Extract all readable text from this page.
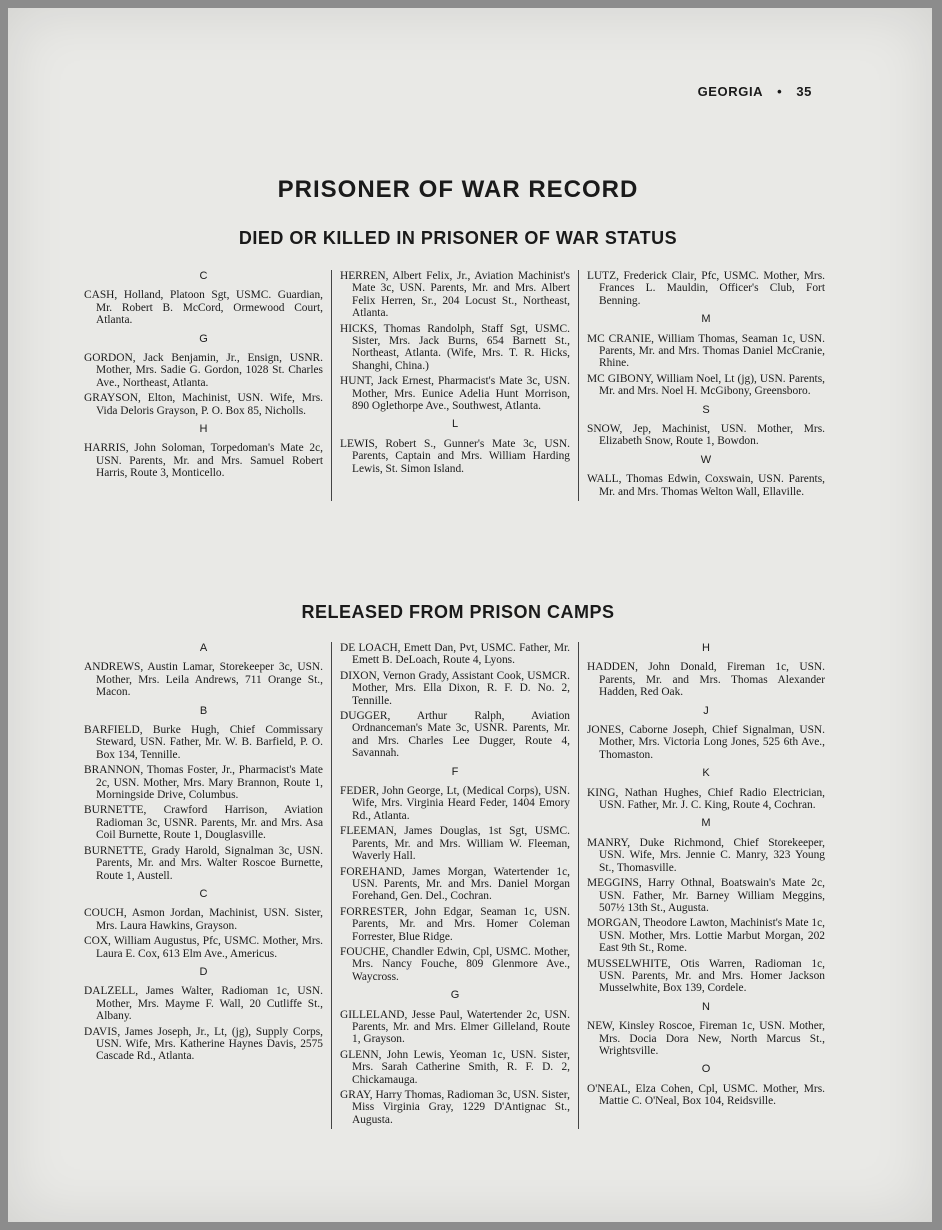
GEORGIA • 35
PRISONER OF WAR RECORD
DIED OR KILLED IN PRISONER OF WAR STATUS
C

CASH, Holland, Platoon Sgt, USMC. Guardian, Mr. Robert B. McCord, Ormewood Court, Atlanta.

G

GORDON, Jack Benjamin, Jr., Ensign, USNR. Mother, Mrs. Sadie G. Gordon, 1028 St. Charles Ave., Northeast, Atlanta.

GRAYSON, Elton, Machinist, USN. Wife, Mrs. Vida Deloris Grayson, P. O. Box 85, Nicholls.

H

HARRIS, John Soloman, Torpedoman's Mate 2c, USN. Parents, Mr. and Mrs. Samuel Robert Harris, Route 3, Monticello.

HERREN, Albert Felix, Jr., Aviation Machinist's Mate 3c, USN. Parents, Mr. and Mrs. Albert Felix Herren, Sr., 204 Locust St., Northeast, Atlanta.

HICKS, Thomas Randolph, Staff Sgt, USMC. Sister, Mrs. Jack Burns, 654 Barnett St., Northeast, Atlanta. (Wife, Mrs. T. R. Hicks, Shanghi, China.)

HUNT, Jack Ernest, Pharmacist's Mate 3c, USN. Mother, Mrs. Eunice Adelia Hunt Morrison, 890 Oglethorpe Ave., Southwest, Atlanta.

L

LEWIS, Robert S., Gunner's Mate 3c, USN. Parents, Captain and Mrs. William Harding Lewis, St. Simon Island.

LUTZ, Frederick Clair, Pfc, USMC. Mother, Mrs. Frances L. Mauldin, Officer's Club, Fort Benning.

M

MC CRANIE, William Thomas, Seaman 1c, USN. Parents, Mr. and Mrs. Thomas Daniel McCranie, Rhine.

MC GIBONY, William Noel, Lt (jg), USN. Parents, Mr. and Mrs. Noel H. McGibony, Greensboro.

S

SNOW, Jep, Machinist, USN. Mother, Mrs. Elizabeth Snow, Route 1, Bowdon.

W

WALL, Thomas Edwin, Coxswain, USN. Parents, Mr. and Mrs. Thomas Welton Wall, Ellaville.

RELEASED FROM PRISON CAMPS
A

ANDREWS, Austin Lamar, Storekeeper 3c, USN. Mother, Mrs. Leila Andrews, 711 Orange St., Macon.

B

BARFIELD, Burke Hugh, Chief Commissary Steward, USN. Father, Mr. W. B. Barfield, P. O. Box 134, Tennille.

BRANNON, Thomas Foster, Jr., Pharmacist's Mate 2c, USN. Mother, Mrs. Mary Brannon, Route 1, Morningside Drive, Columbus.

BURNETTE, Crawford Harrison, Aviation Radioman 3c, USNR. Parents, Mr. and Mrs. Asa Coil Burnette, Route 1, Douglasville.

BURNETTE, Grady Harold, Signalman 3c, USN. Parents, Mr. and Mrs. Walter Roscoe Burnette, Route 1, Austell.

C

COUCH, Asmon Jordan, Machinist, USN. Sister, Mrs. Laura Hawkins, Grayson.

COX, William Augustus, Pfc, USMC. Mother, Mrs. Laura E. Cox, 613 Elm Ave., Americus.

D

DALZELL, James Walter, Radioman 1c, USN. Mother, Mrs. Mayme F. Wall, 20 Cutliffe St., Albany.

DAVIS, James Joseph, Jr., Lt, (jg), Supply Corps, USN. Wife, Mrs. Katherine Haynes Davis, 2575 Cascade Rd., Atlanta.

DE LOACH, Emett Dan, Pvt, USMC. Father, Mr. Emett B. DeLoach, Route 4, Lyons.

DIXON, Vernon Grady, Assistant Cook, USMCR. Mother, Mrs. Ella Dixon, R. F. D. No. 2, Tennille.

DUGGER, Arthur Ralph, Aviation Ordnanceman's Mate 3c, USNR. Parents, Mr. and Mrs. Charles Lee Dugger, Route 4, Savannah.

F

FEDER, John George, Lt, (Medical Corps), USN. Wife, Mrs. Virginia Heard Feder, 1404 Emory Rd., Atlanta.

FLEEMAN, James Douglas, 1st Sgt, USMC. Parents, Mr. and Mrs. William W. Fleeman, Waverly Hall.

FOREHAND, James Morgan, Watertender 1c, USN. Parents, Mr. and Mrs. Daniel Morgan Forehand, Gen. Del., Cochran.

FORRESTER, John Edgar, Seaman 1c, USN. Parents, Mr. and Mrs. Homer Coleman Forrester, Blue Ridge.

FOUCHE, Chandler Edwin, Cpl, USMC. Mother, Mrs. Nancy Fouche, 809 Glenmore Ave., Waycross.

G

GILLELAND, Jesse Paul, Watertender 2c, USN. Parents, Mr. and Mrs. Elmer Gilleland, Route 1, Grayson.

GLENN, John Lewis, Yeoman 1c, USN. Sister, Mrs. Sarah Catherine Smith, R. F. D. 2, Chickamauga.

GRAY, Harry Thomas, Radioman 3c, USN. Sister, Miss Virginia Gray, 1229 D'Antignac St., Augusta.

H

HADDEN, John Donald, Fireman 1c, USN. Parents, Mr. and Mrs. Thomas Alexander Hadden, Red Oak.

J

JONES, Caborne Joseph, Chief Signalman, USN. Mother, Mrs. Victoria Long Jones, 525 6th Ave., Thomaston.

K

KING, Nathan Hughes, Chief Radio Electrician, USN. Father, Mr. J. C. King, Route 4, Cochran.

M

MANRY, Duke Richmond, Chief Storekeeper, USN. Wife, Mrs. Jennie C. Manry, 323 Young St., Thomasville.

MEGGINS, Harry Othnal, Boatswain's Mate 2c, USN. Father, Mr. Barney William Meggins, 507½ 13th St., Augusta.

MORGAN, Theodore Lawton, Machinist's Mate 1c, USN. Mother, Mrs. Lottie Marbut Morgan, 202 East 9th St., Rome.

MUSSELWHITE, Otis Warren, Radioman 1c, USN. Parents, Mr. and Mrs. Homer Jackson Musselwhite, Box 139, Cordele.

N

NEW, Kinsley Roscoe, Fireman 1c, USN. Mother, Mrs. Docia Dora New, North Marcus St., Wrightsville.

O

O'NEAL, Elza Cohen, Cpl, USMC. Mother, Mrs. Mattie C. O'Neal, Box 104, Reidsville.
